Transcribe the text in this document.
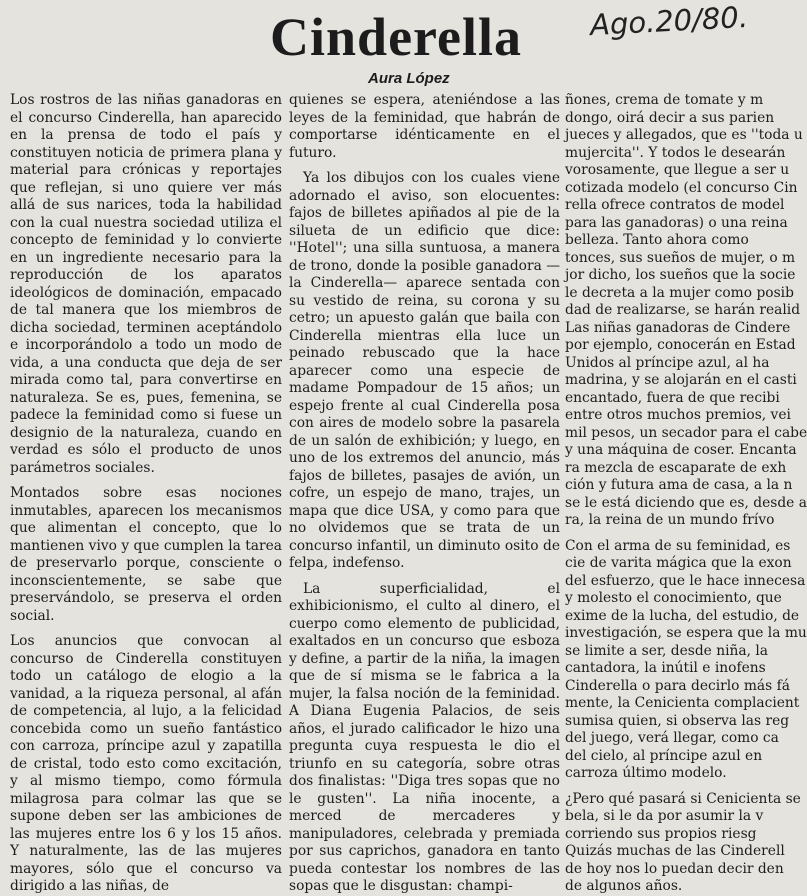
Cinderella Ago.20/80.
Aura López

Los rostros de las niñas ganadoras en el concurso Cinderella, han aparecido en la prensa de todo el país y constituyen noticia de primera plana y material para crónicas y reportajes que reflejan, si uno quiere ver más allá de sus narices, toda la habilidad con la cual nuestra sociedad utiliza el concepto de feminidad y lo convierte en un ingrediente necesario para la reproducción de los aparatos ideológicos de dominación, empacado de tal manera que los miembros de dicha sociedad, terminen aceptándolo e incorporándolo a todo un modo de vida, a una conducta que deja de ser mirada como tal, para convertirse en naturaleza. Se es, pues, femenina, se padece la feminidad como si fuese un designio de la naturaleza, cuando en verdad es sólo el producto de unos parámetros sociales.

Montados sobre esas nociones inmutables, aparecen los mecanismos que alimentan el concepto, que lo mantienen vivo y que cumplen la tarea de preservarlo porque, consciente o inconscientemente, se sabe que preservándolo, se preserva el orden social.

Los anuncios que convocan al concurso de Cinderella constituyen todo un catálogo de elogio a la vanidad, a la riqueza personal, al afán de competencia, al lujo, a la felicidad concebida como un sueño fantástico con carroza, príncipe azul y zapatilla de cristal, todo esto como excitación, y al mismo tiempo, como fórmula milagrosa para colmar las que se supone deben ser las ambiciones de las mujeres entre los 6 y los 15 años. Y naturalmente, las de las mujeres mayores, sólo que el concurso va dirigido a las niñas, de

quienes se espera, ateniéndose a las leyes de la feminidad, que habrán de comportarse idénticamente en el futuro.

Ya los dibujos con los cuales viene adornado el aviso, son elocuentes: fajos de billetes apiñados al pie de la silueta de un edificio que dice: ''Hotel''; una silla suntuosa, a manera de trono, donde la posible ganadora —la Cinderella— aparece sentada con su vestido de reina, su corona y su cetro; un apuesto galán que baila con Cinderella mientras ella luce un peinado rebuscado que la hace aparecer como una especie de madame Pompadour de 15 años; un espejo frente al cual Cinderella posa con aires de modelo sobre la pasarela de un salón de exhibición; y luego, en uno de los extremos del anuncio, más fajos de billetes, pasajes de avión, un cofre, un espejo de mano, trajes, un mapa que dice USA, y como para que no olvidemos que se trata de un concurso infantil, un diminuto osito de felpa, indefenso.

La superficialidad, el exhibicionismo, el culto al dinero, el cuerpo como elemento de publicidad, exaltados en un concurso que esboza y define, a partir de la niña, la imagen que de sí misma se le fabrica a la mujer, la falsa noción de la feminidad. A Diana Eugenia Palacios, de seis años, el jurado calificador le hizo una pregunta cuya respuesta le dio el triunfo en su categoría, sobre otras dos finalistas: ''Diga tres sopas que no le gusten''. La niña inocente, a merced de mercaderes y manipuladores, celebrada y premiada por sus caprichos, ganadora en tanto pueda contestar los nombres de las sopas que le disgustan: champi-

ñones, crema de tomate y m
dongo, oirá decir a sus parien
jueces y allegados, que es ''toda u
mujercita''. Y todos le desearán
vorosamente, que llegue a ser u
cotizada modelo (el concurso Cin
rella ofrece contratos de model
para las ganadoras) o una reina
belleza. Tanto ahora como
tonces, sus sueños de mujer, o m
jor dicho, los sueños que la socie
le decreta a la mujer como posib
dad de realizarse, se harán realid
Las niñas ganadoras de Cindere
por ejemplo, conocerán en Estad
Unidos al príncipe azul, al ha
madrina, y se alojarán en el casti
encantado, fuera de que recibi
entre otros muchos premios, vei
mil pesos, un secador para el cabe
y una máquina de coser. Encanta
ra mezcla de escaparate de exh
ción y futura ama de casa, a la n
se le está diciendo que es, desde a
ra, la reina de un mundo frívo

Con el arma de su feminidad, es
cie de varita mágica que la exon
del esfuerzo, que le hace innecesa
y molesto el conocimiento, que
exime de la lucha, del estudio, de
investigación, se espera que la mu
se limite a ser, desde niña, la
cantadora, la inútil e inofens
Cinderella o para decirlo más fá
mente, la Cenicienta complacient
sumisa quien, si observa las reg
del juego, verá llegar, como ca
del cielo, al príncipe azul en
carroza último modelo.

¿Pero qué pasará si Cenicienta se
bela, si le da por asumir la v
corriendo sus propios riesg
Quizás muchas de las Cinderell
de hoy nos lo puedan decir den
de algunos años.
